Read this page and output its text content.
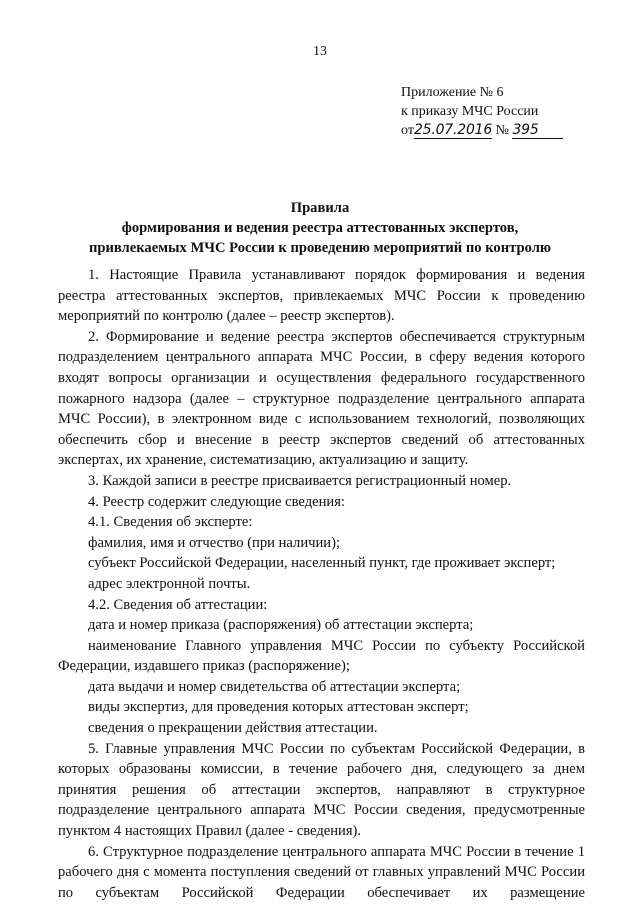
13
Приложение № 6
к приказу МЧС России
от25.07.2016 № 395
Правила
формирования и ведения реестра аттестованных экспертов,
привлекаемых МЧС России к проведению мероприятий по контролю

1. Настоящие Правила устанавливают порядок формирования и ведения реестра аттестованных экспертов, привлекаемых МЧС России к проведению мероприятий по контролю (далее – реестр экспертов).

2. Формирование и ведение реестра экспертов обеспечивается структурным подразделением центрального аппарата МЧС России, в сферу ведения которого входят вопросы организации и осуществления федерального государственного пожарного надзора (далее – структурное подразделение центрального аппарата МЧС России), в электронном виде с использованием технологий, позволяющих обеспечить сбор и внесение в реестр экспертов сведений об аттестованных экспертах, их хранение, систематизацию, актуализацию и защиту.

3. Каждой записи в реестре присваивается регистрационный номер.

4. Реестр содержит следующие сведения:

4.1. Сведения об эксперте:

фамилия, имя и отчество (при наличии);

субъект Российской Федерации, населенный пункт, где проживает эксперт;

адрес электронной почты.

4.2. Сведения об аттестации:

дата и номер приказа (распоряжения) об аттестации эксперта;

наименование Главного управления МЧС России по субъекту Российской Федерации, издавшего приказ (распоряжение);

дата выдачи и номер свидетельства об аттестации эксперта;

виды экспертиз, для проведения которых аттестован эксперт;

сведения о прекращении действия аттестации.

5. Главные управления МЧС России по субъектам Российской Федерации, в которых образованы комиссии, в течение рабочего дня, следующего за днем принятия решения об аттестации экспертов, направляют в структурное подразделение центрального аппарата МЧС России сведения, предусмотренные пунктом 4 настоящих Правил (далее - сведения).

6. Структурное подразделение центрального аппарата МЧС России в течение 1 рабочего дня с момента поступления сведений от главных управлений МЧС России по субъектам Российской Федерации обеспечивает их размещение
